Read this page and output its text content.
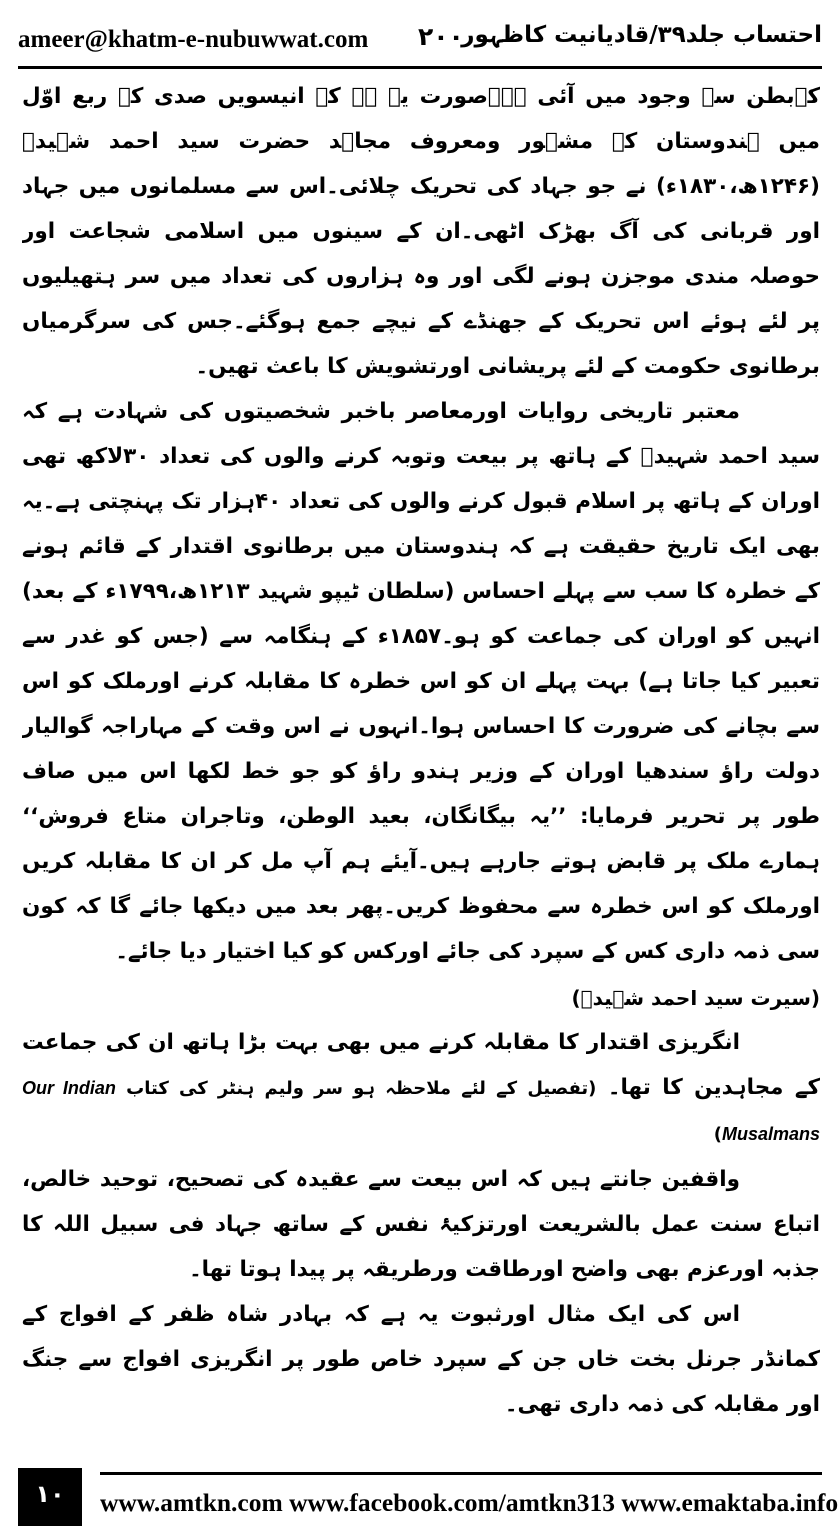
ameer@khatm-e-nubuwwat.com ۲۰۰
احتساب جلد۳۹/قادیانیت کاظہور

کےبطن سے وجود میں آئی ہے۔صورت یہ ہے کہ انیسویں صدی کے ربع اوّل میں ہندوستان کے مشہور ومعروف مجاہد حضرت سید احمد شہیدؒ (۱۲۴۶ھ،۱۸۳۰ء) نے جو جہاد کی تحریک چلائی۔اس سے مسلمانوں میں جہاد اور قربانی کی آگ بھڑک اٹھی۔ان کے سینوں میں اسلامی شجاعت اور حوصلہ مندی موجزن ہونے لگی اور وہ ہزاروں کی تعداد میں سر ہتھیلیوں پر لئے ہوئے اس تحریک کے جھنڈے کے نیچے جمع ہوگئے۔جس کی سرگرمیاں برطانوی حکومت کے لئے پریشانی اورتشویش کا باعث تھیں۔

معتبر تاریخی روایات اورمعاصر باخبر شخصیتوں کی شہادت ہے کہ سید احمد شہیدؒ کے ہاتھ پر بیعت وتوبہ کرنے والوں کی تعداد ۳۰لاکھ تھی اوران کے ہاتھ پر اسلام قبول کرنے والوں کی تعداد ۴۰ہزار تک پہنچتی ہے۔یہ بھی ایک تاریخ حقیقت ہے کہ ہندوستان میں برطانوی اقتدار کے قائم ہونے کے خطرہ کا سب سے پہلے احساس (سلطان ٹیپو شہید ۱۲۱۳ھ،۱۷۹۹ء کے بعد) انہیں کو اوران کی جماعت کو ہو۔۱۸۵۷ء کے ہنگامہ سے (جس کو غدر سے تعبیر کیا جاتا ہے) بہت پہلے ان کو اس خطرہ کا مقابلہ کرنے اورملک کو اس سے بچانے کی ضرورت کا احساس ہوا۔انہوں نے اس وقت کے مہاراجہ گوالیار دولت راؤ سندھیا اوران کے وزیر ہندو راؤ کو جو خط لکھا اس میں صاف طور پر تحریر فرمایا: ’’یہ بیگانگان، بعید الوطن، وتاجران متاع فروش‘‘ ہمارے ملک پر قابض ہوتے جارہے ہیں۔آیئے ہم آپ مل کر ان کا مقابلہ کریں اورملک کو اس خطرہ سے محفوظ کریں۔پھر بعد میں دیکھا جائے گا کہ کون سی ذمہ داری کس کے سپرد کی جائے اورکس کو کیا اختیار دیا جائے۔

(سیرت سید احمد شہیدؒ)

انگریزی اقتدار کا مقابلہ کرنے میں بھی بہت بڑا ہاتھ ان کی جماعت کے مجاہدین کا تھا۔ (تفصیل کے لئے ملاحظہ ہو سر ولیم ہنٹر کی کتاب Our Indian Musalmans)

واقفین جانتے ہیں کہ اس بیعت سے عقیدہ کی تصحیح، توحید خالص، اتباع سنت عمل بالشریعت اورتزکیۂ نفس کے ساتھ جہاد فی سبیل اللہ کا جذبہ اورعزم بھی واضح اورطاقت ورطریقہ پر پیدا ہوتا تھا۔

اس کی ایک مثال اورثبوت یہ ہے کہ بہادر شاہ ظفر کے افواج کے کمانڈر جرنل بخت خاں جن کے سپرد خاص طور پر انگریزی افواج سے جنگ اور مقابلہ کی ذمہ داری تھی۔

۱۰	www.amtkn.com www.facebook.com/amtkn313 www.emaktaba.info
